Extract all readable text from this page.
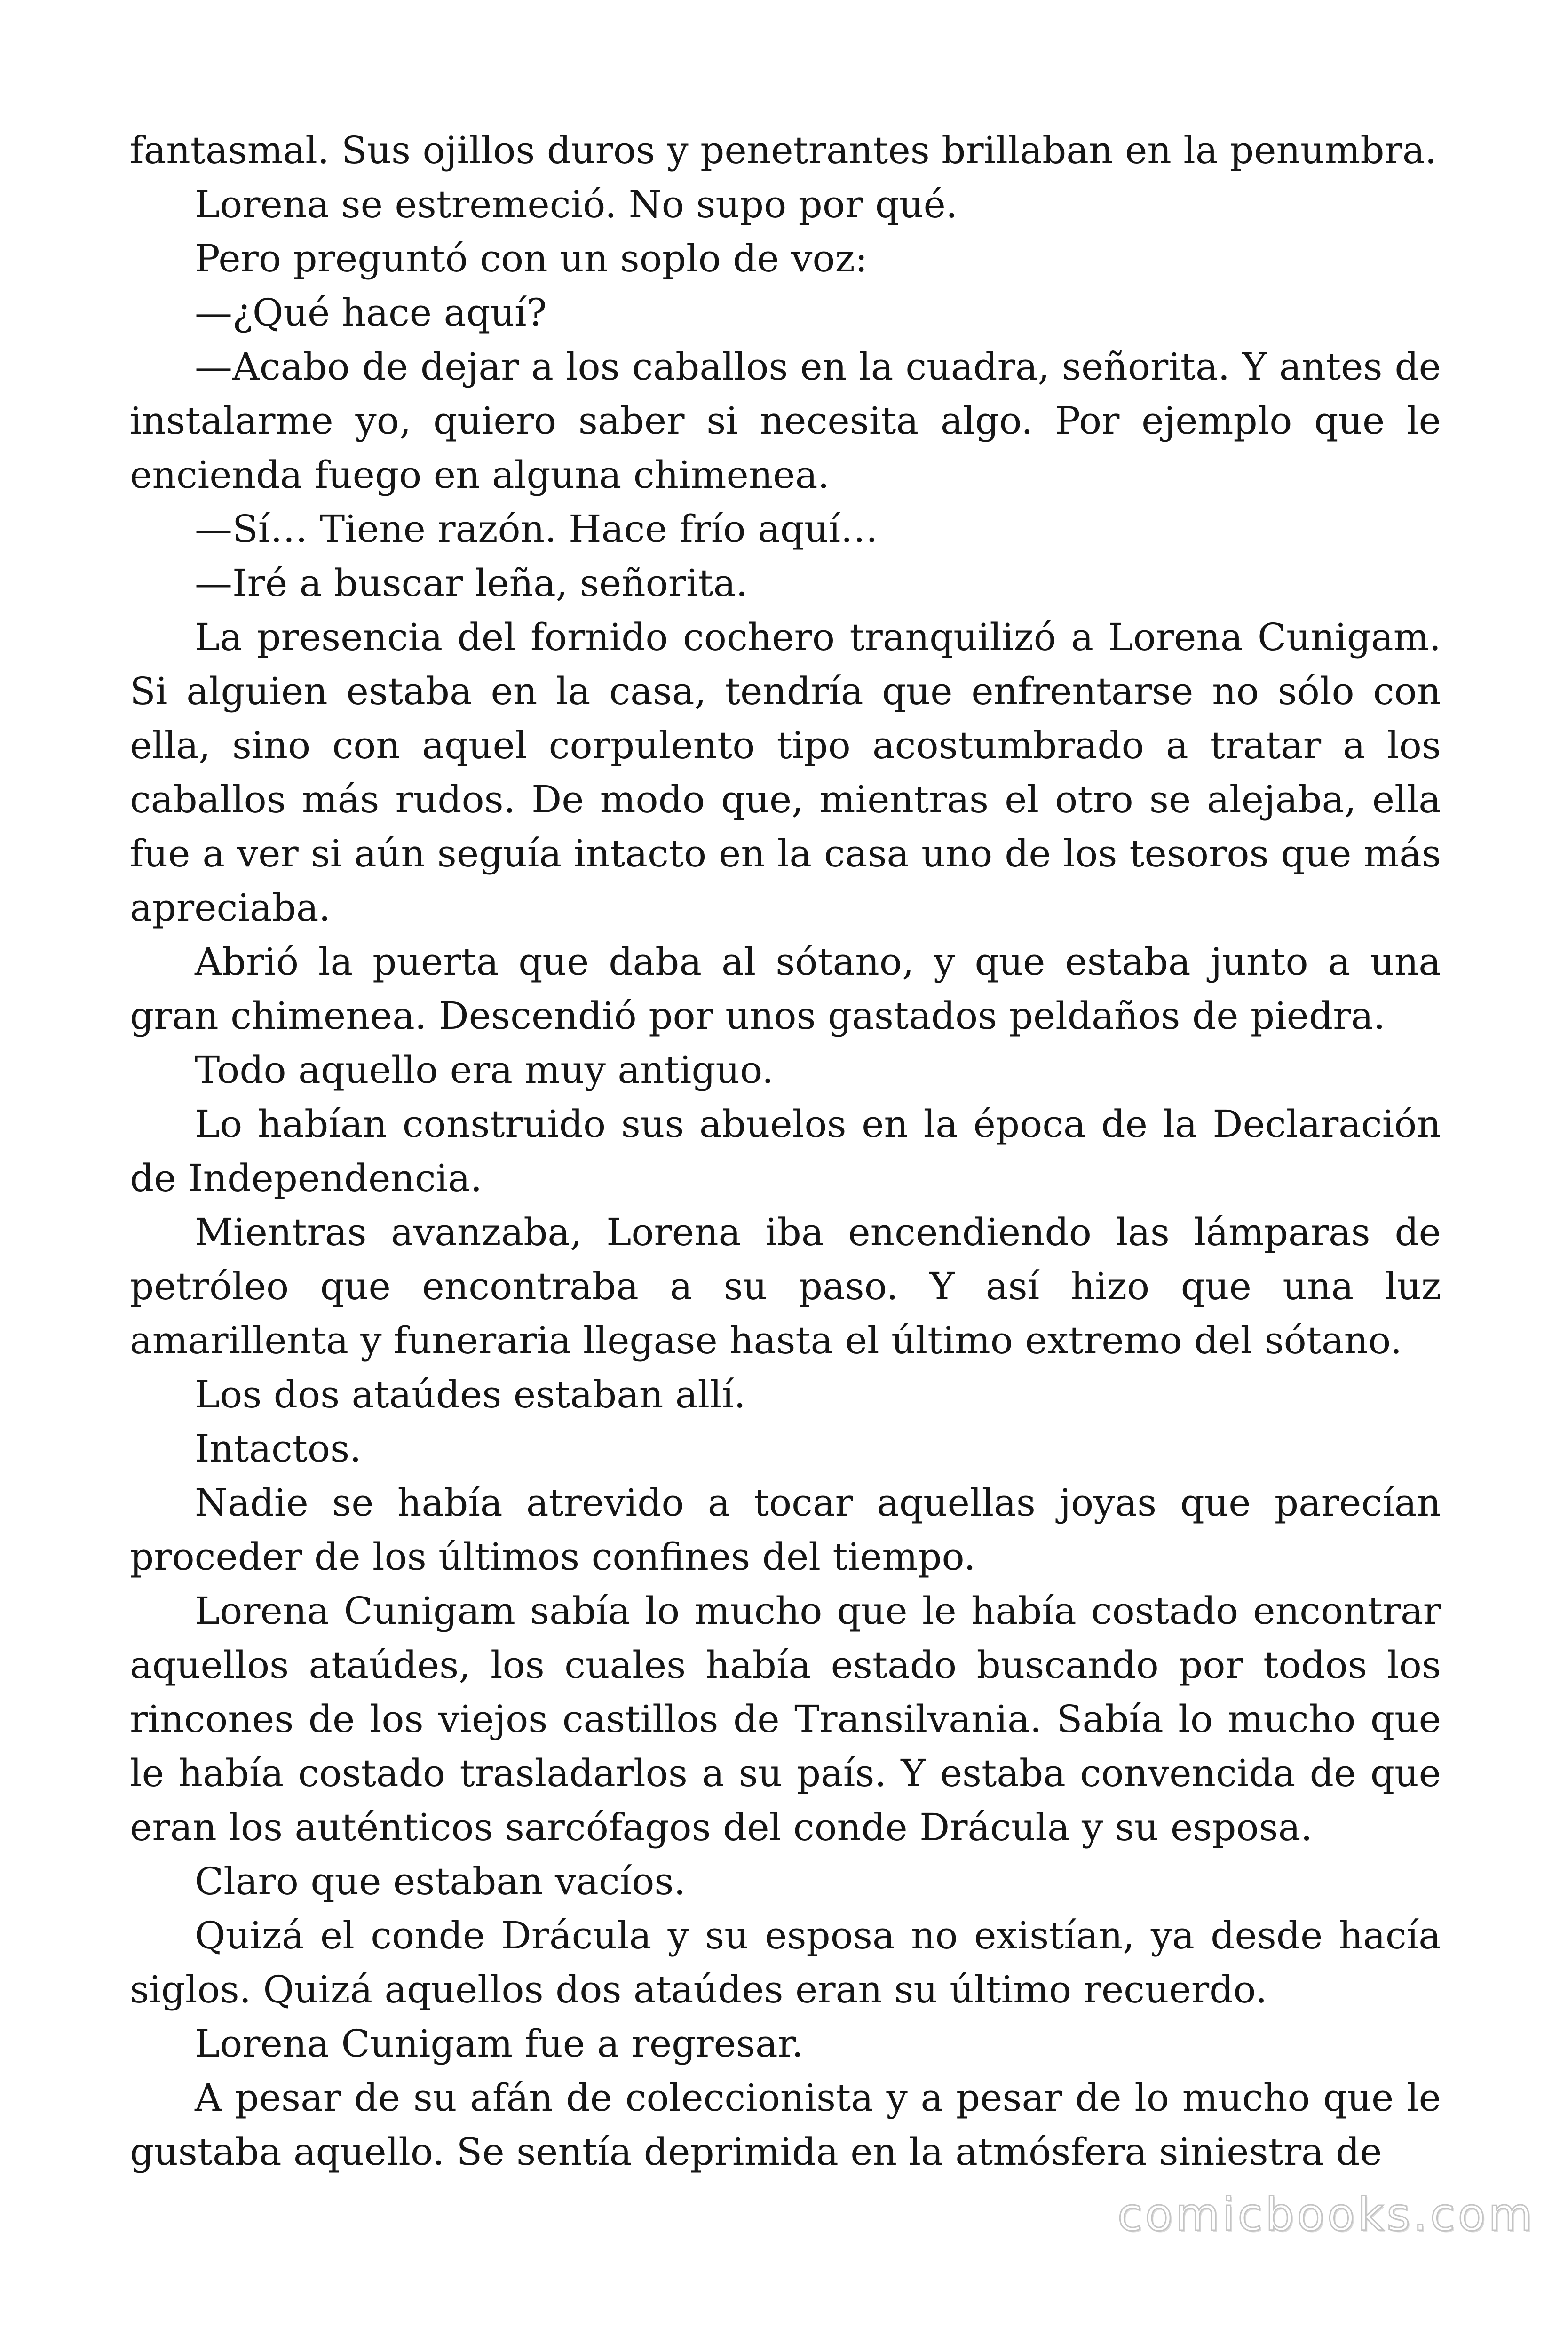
fantasmal. Sus ojillos duros y penetrantes brillaban en la penumbra.

Lorena se estremeció. No supo por qué.

Pero preguntó con un soplo de voz:

—¿Qué hace aquí?

—Acabo de dejar a los caballos en la cuadra, señorita. Y antes de instalarme yo, quiero saber si necesita algo. Por ejemplo que le encienda fuego en alguna chimenea.

—Sí… Tiene razón. Hace frío aquí…

—Iré a buscar leña, señorita.

La presencia del fornido cochero tranquilizó a Lorena Cunigam. Si alguien estaba en la casa, tendría que enfrentarse no sólo con ella, sino con aquel corpulento tipo acostumbrado a tratar a los caballos más rudos. De modo que, mientras el otro se alejaba, ella fue a ver si aún seguía intacto en la casa uno de los tesoros que más apreciaba.

Abrió la puerta que daba al sótano, y que estaba junto a una gran chimenea. Descendió por unos gastados peldaños de piedra.

Todo aquello era muy antiguo.

Lo habían construido sus abuelos en la época de la Declaración de Independencia.

Mientras avanzaba, Lorena iba encendiendo las lámparas de petróleo que encontraba a su paso. Y así hizo que una luz amarillenta y funeraria llegase hasta el último extremo del sótano.

Los dos ataúdes estaban allí.

Intactos.

Nadie se había atrevido a tocar aquellas joyas que parecían proceder de los últimos confines del tiempo.

Lorena Cunigam sabía lo mucho que le había costado encontrar aquellos ataúdes, los cuales había estado buscando por todos los rincones de los viejos castillos de Transilvania. Sabía lo mucho que le había costado trasladarlos a su país. Y estaba convencida de que eran los auténticos sarcófagos del conde Drácula y su esposa.

Claro que estaban vacíos.

Quizá el conde Drácula y su esposa no existían, ya desde hacía siglos. Quizá aquellos dos ataúdes eran su último recuerdo.

Lorena Cunigam fue a regresar.

A pesar de su afán de coleccionista y a pesar de lo mucho que le gustaba aquello. Se sentía deprimida en la atmósfera siniestra de

comicbooks.com
